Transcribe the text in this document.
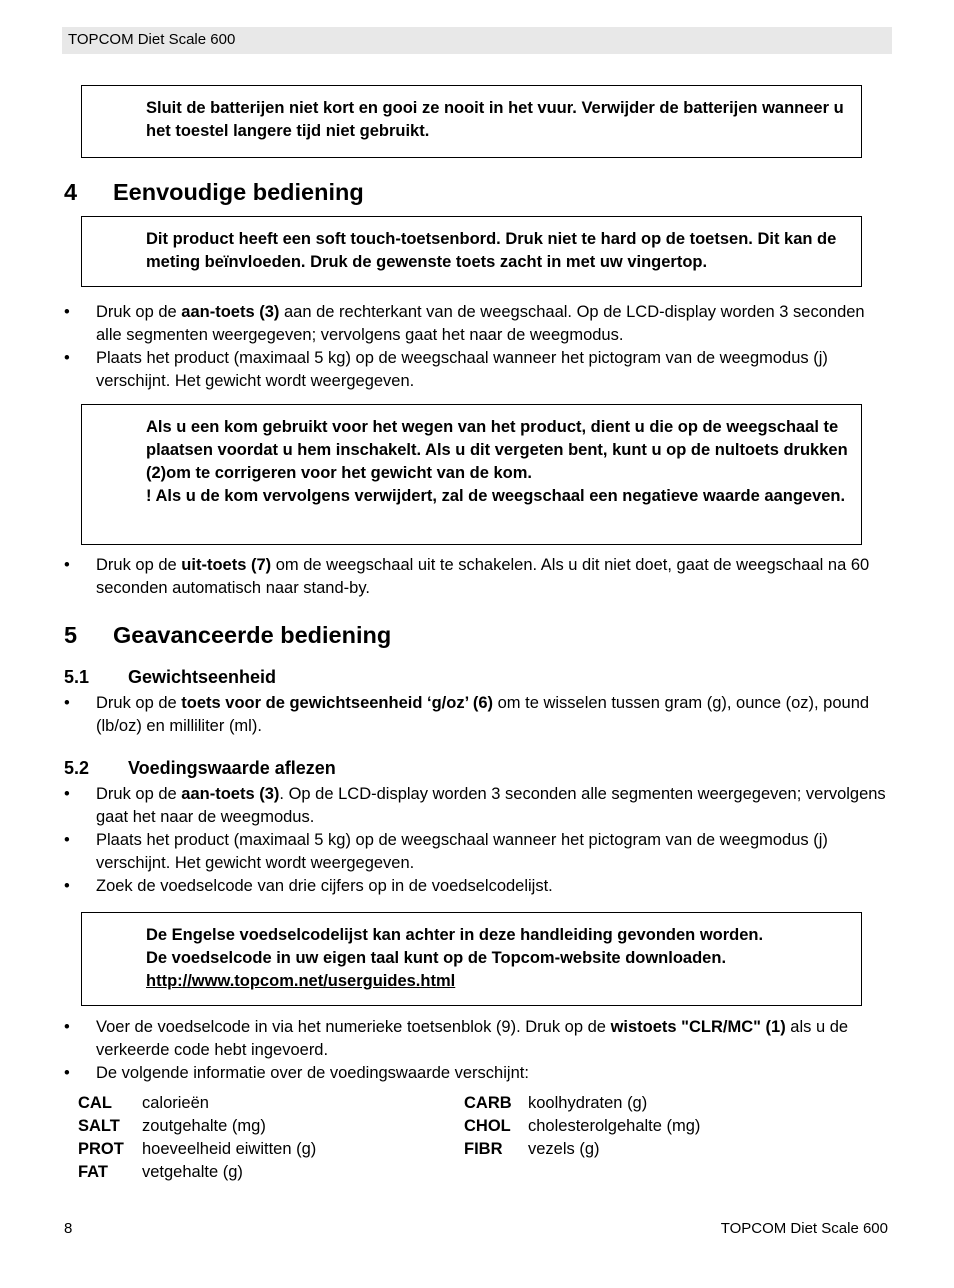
TOPCOM Diet Scale 600
Sluit de batterijen niet kort en gooi ze nooit in het vuur. Verwijder de batterijen wanneer u het toestel langere tijd niet gebruikt.
4 Eenvoudige bediening
Dit product heeft een soft touch-toetsenbord. Druk niet te hard op de toetsen. Dit kan de meting beïnvloeden. Druk de gewenste toets zacht in met uw vingertop.
• Druk op de aan-toets (3) aan de rechterkant van de weegschaal. Op de LCD-display worden 3 seconden alle segmenten weergegeven; vervolgens gaat het naar de weegmodus.
• Plaats het product (maximaal 5 kg) op de weegschaal wanneer het pictogram van de weegmodus (j) verschijnt. Het gewicht wordt weergegeven.
Als u een kom gebruikt voor het wegen van het product, dient u die op de weegschaal te plaatsen voordat u hem inschakelt. Als u dit vergeten bent, kunt u op de nultoets drukken (2)om te corrigeren voor het gewicht van de kom.
! Als u de kom vervolgens verwijdert, zal de weegschaal een negatieve waarde aangeven.
• Druk op de uit-toets (7) om de weegschaal uit te schakelen. Als u dit niet doet, gaat de weegschaal na 60 seconden automatisch naar stand-by.
5 Geavanceerde bediening
5.1 Gewichtseenheid
• Druk op de toets voor de gewichtseenheid ‘g/oz’ (6) om te wisselen tussen gram (g), ounce (oz), pound (lb/oz) en milliliter (ml).
5.2 Voedingswaarde aflezen
• Druk op de aan-toets (3). Op de LCD-display worden 3 seconden alle segmenten weergegeven; vervolgens gaat het naar de weegmodus.
• Plaats het product (maximaal 5 kg) op de weegschaal wanneer het pictogram van de weegmodus (j) verschijnt. Het gewicht wordt weergegeven.
• Zoek de voedselcode van drie cijfers op in de voedselcodelijst.
De Engelse voedselcodelijst kan achter in deze handleiding gevonden worden.
De voedselcode in uw eigen taal kunt op de Topcom-website downloaden.
http://www.topcom.net/userguides.html
• Voer de voedselcode in via het numerieke toetsenblok (9). Druk op de wistoets "CLR/MC" (1) als u de verkeerde code hebt ingevoerd.
• De volgende informatie over de voedingswaarde verschijnt:
CAL calorieën
SALT zoutgehalte (mg)
PROT hoeveelheid eiwitten (g)
FAT vetgehalte (g)
CARB koolhydraten (g)
CHOL cholesterolgehalte (mg)
FIBR vezels (g)
8	TOPCOM Diet Scale 600
